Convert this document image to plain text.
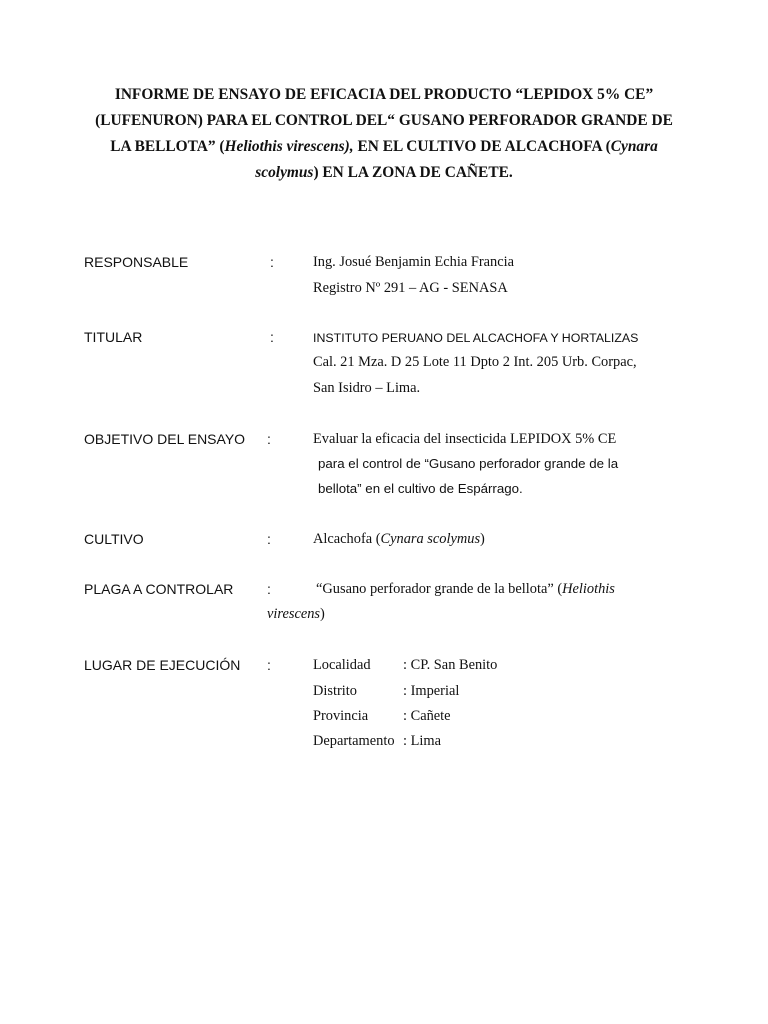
INFORME DE ENSAYO DE EFICACIA DEL PRODUCTO “LEPIDOX 5% CE”
(LUFENURON) PARA EL CONTROL DEL“ GUSANO PERFORADOR GRANDE DE
LA BELLOTA” (Heliothis virescens), EN EL CULTIVO DE ALCACHOFA (Cynara
scolymus) EN LA ZONA DE CAÑETE.
RESPONSABLE	:	Ing. Josué Benjamin Echia Francia
Registro Nº 291 – AG - SENASA
TITULAR	:	INSTITUTO PERUANO DEL ALCACHOFA Y HORTALIZAS
Cal. 21 Mza. D 25 Lote 11 Dpto 2 Int. 205 Urb. Corpac,
San Isidro – Lima.
OBJETIVO DEL ENSAYO :	Evaluar la eficacia del insecticida LEPIDOX 5% CE
para el control de “Gusano perforador grande de la
bellota” en el cultivo de Espárrago.
CULTIVO	:	Alcachofa (Cynara scolymus)
PLAGA A CONTROLAR :	“Gusano perforador grande de la bellota” (Heliothis
virescens)
LUGAR DE EJECUCIÓN :	Localidad : CP. San Benito
Distrito	: Imperial
Provincia : Cañete
Departamento : Lima
